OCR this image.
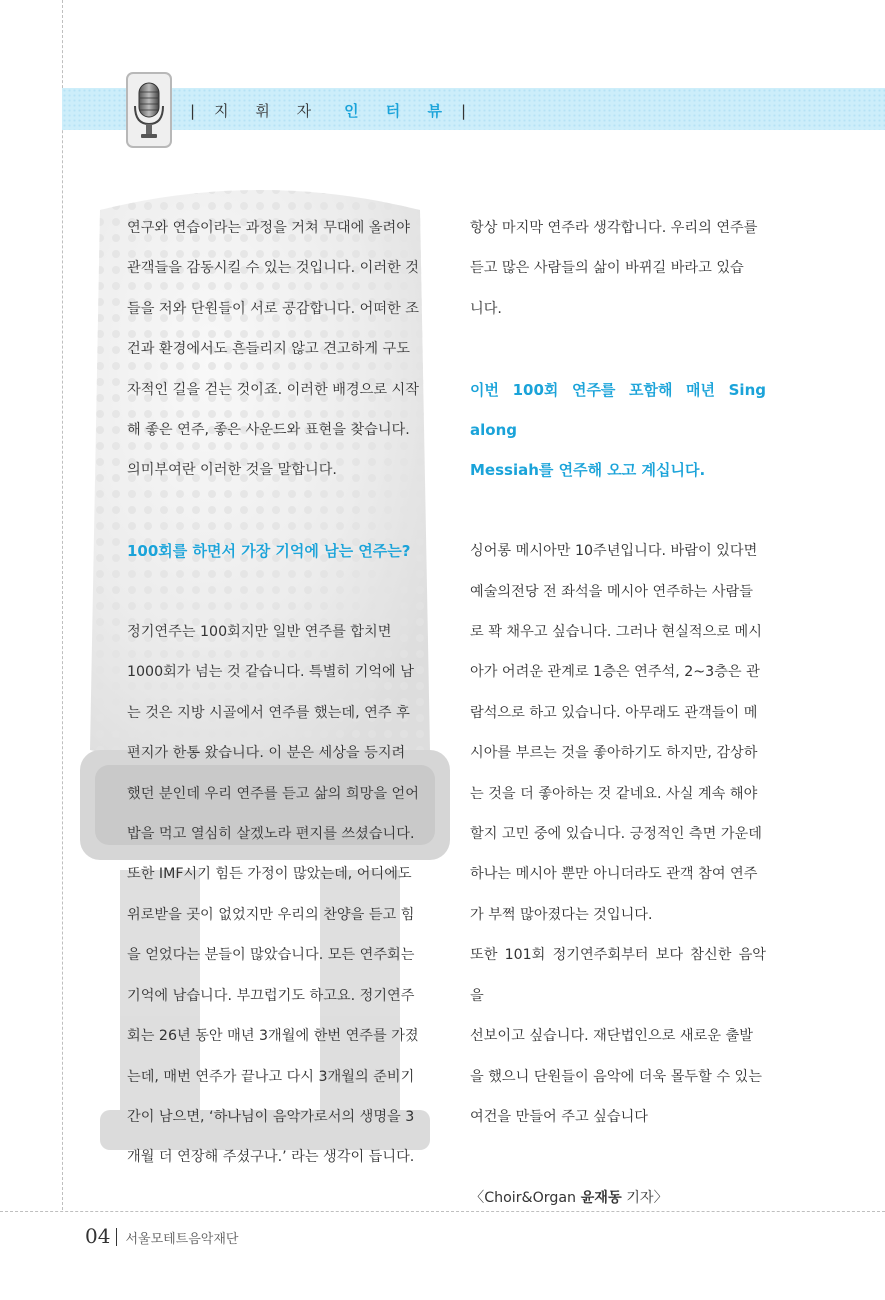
| 지 휘 자 인 터 뷰 |

연구와 연습이라는 과정을 거쳐 무대에 올려야

관객들을 감동시킬 수 있는 것입니다. 이러한 것

들을 저와 단원들이 서로 공감합니다. 어떠한 조

건과 환경에서도 흔들리지 않고 견고하게 구도

자적인 길을 걷는 것이죠. 이러한 배경으로 시작

해 좋은 연주, 좋은 사운드와 표현을 찾습니다.

의미부여란 이러한 것을 말합니다.

100회를 하면서 가장 기억에 남는 연주는?

정기연주는 100회지만 일반 연주를 합치면

1000회가 넘는 것 같습니다. 특별히 기억에 남

는 것은 지방 시골에서 연주를 했는데, 연주 후

편지가 한통 왔습니다. 이 분은 세상을 등지려

했던 분인데 우리 연주를 듣고 삶의 희망을 얻어

밥을 먹고 열심히 살겠노라 편지를 쓰셨습니다.

또한 IMF시기 힘든 가정이 많았는데, 어디에도

위로받을 곳이 없었지만 우리의 찬양을 듣고 힘

을 얻었다는 분들이 많았습니다. 모든 연주회는

기억에 남습니다. 부끄럽기도 하고요. 정기연주

회는 26년 동안 매년 3개월에 한번 연주를 가졌

는데, 매번 연주가 끝나고 다시 3개월의 준비기

간이 남으면, ‘하나님이 음악가로서의 생명을 3

개월 더 연장해 주셨구나.’ 라는 생각이 듭니다.

항상 마지막 연주라 생각합니다. 우리의 연주를

듣고 많은 사람들의 삶이 바뀌길 바라고 있습

니다.

이번 100회 연주를 포함해 매년 Sing along

Messiah를 연주해 오고 계십니다.

싱어롱 메시아만 10주년입니다. 바람이 있다면

예술의전당 전 좌석을 메시아 연주하는 사람들

로 꽉 채우고 싶습니다. 그러나 현실적으로 메시

아가 어려운 관계로 1층은 연주석, 2~3층은 관

람석으로 하고 있습니다. 아무래도 관객들이 메

시아를 부르는 것을 좋아하기도 하지만, 감상하

는 것을 더 좋아하는 것 같네요. 사실 계속 해야

할지 고민 중에 있습니다. 긍정적인 측면 가운데

하나는 메시아 뿐만 아니더라도 관객 참여 연주

가 부쩍 많아졌다는 것입니다.

또한 101회 정기연주회부터 보다 참신한 음악을

선보이고 싶습니다. 재단법인으로 새로운 출발

을 했으니 단원들이 음악에 더욱 몰두할 수 있는

여건을 만들어 주고 싶습니다

〈Choir&Organ 윤재동 기자〉

04 서울모테트음악재단
